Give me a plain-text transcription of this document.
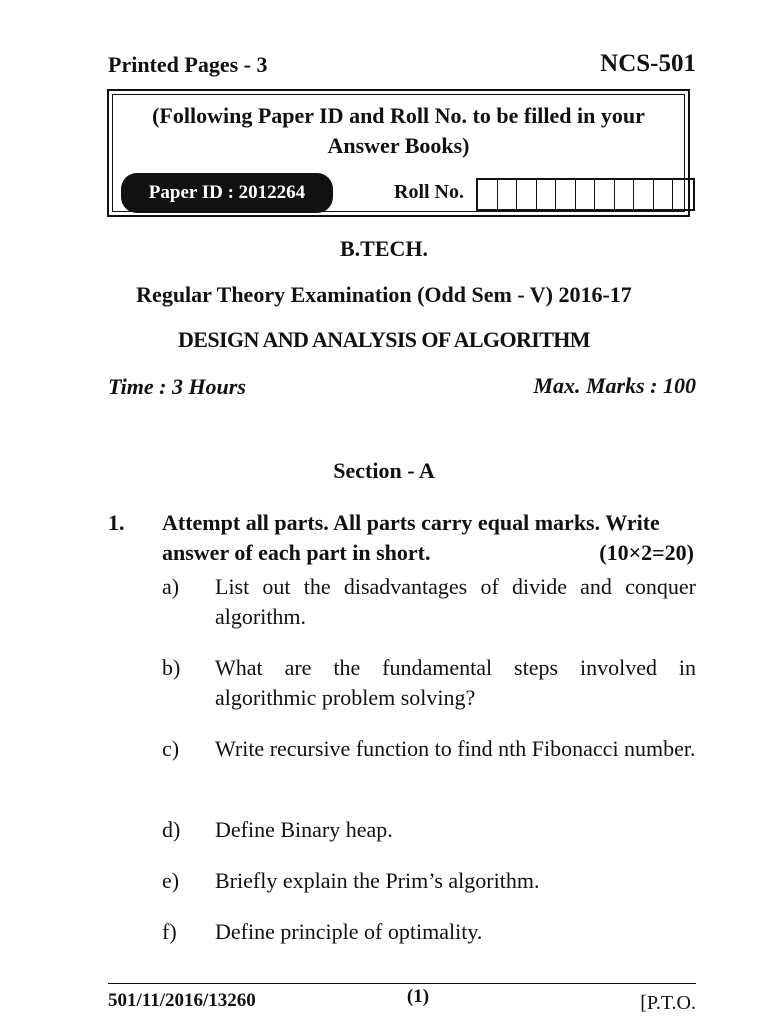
Printed Pages - 3	NCS-501
(Following Paper ID and Roll No. to be filled in your
Answer Books)
Paper ID : 2012264	Roll No.
B.TECH.
Regular Theory Examination (Odd Sem - V) 2016-17
DESIGN AND ANALYSIS OF ALGORITHM
Time : 3 Hours	Max. Marks : 100
Section - A
1. Attempt all parts. All parts carry equal marks. Write
answer of each part in short.	(10×2=20)
a) List out the disadvantages of divide and conquer algorithm.
b) What are the fundamental steps involved in algorithmic problem solving?
c) Write recursive function to find nth Fibonacci number.
d) Define Binary heap.
e) Briefly explain the Prim’s algorithm.
f) Define principle of optimality.
501/11/2016/13260	(1)	[P.T.O.
